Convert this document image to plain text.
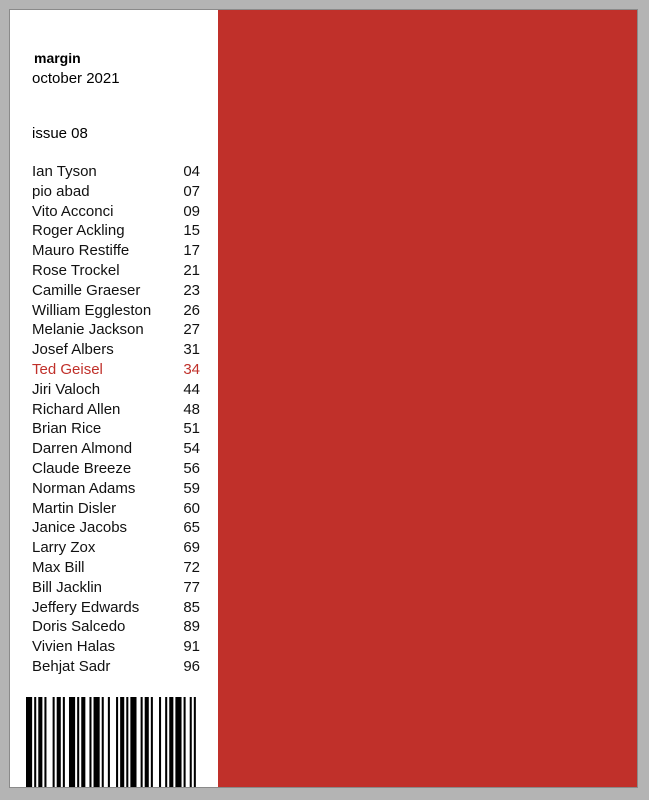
margin
october 2021
issue 08
Ian Tyson	04
pio abad	07
Vito Acconci	09
Roger Ackling	15
Mauro Restiffe	17
Rose Trockel	21
Camille Graeser	23
William Eggleston 26
Melanie Jackson	27
Josef Albers	31
Ted Geisel	34
Jiri Valoch	44
Richard Allen	48
Brian Rice	51
Darren Almond	54
Claude Breeze	56
Norman Adams	59
Martin Disler	60
Janice Jacobs	65
Larry Zox	69
Max Bill	72
Bill Jacklin	77
Jeffery Edwards	85
Doris Salcedo	89
Vivien Halas	91
Behjat Sadr	96
